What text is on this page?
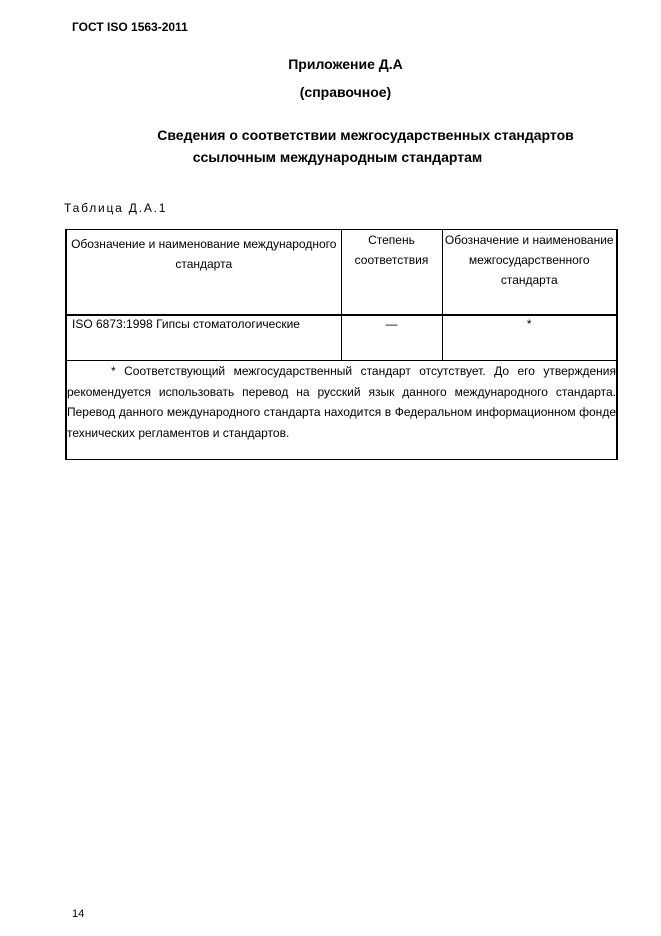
ГОСТ ISO 1563-2011
Приложение Д.А
(справочное)
Сведения о соответствии межгосударственных стандартов
ссылочным международным стандартам
Таблица Д.А.1
Обозначение и наименование международного стандарта	Степень соответствия	Обозначение и наименование межгосударственного стандарта
ISO 6873:1998 Гипсы стоматологические	—	*

* Соответствующий межгосударственный стандарт отсутствует. До его утверждения рекомендуется использовать перевод на русский язык данного международного стандарта. Перевод данного международного стандарта находится в Федеральном информационном фонде технических регламентов и стандартов.		
14
